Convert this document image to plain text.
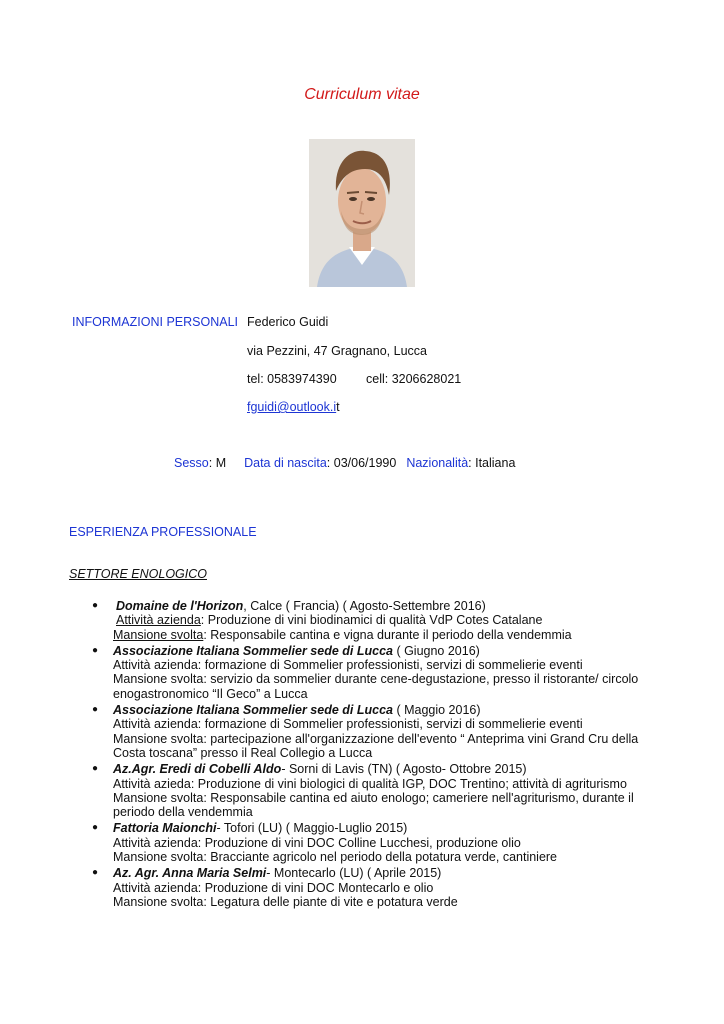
Curriculum vitae
INFORMAZIONI PERSONALI Federico Guidi
via Pezzini, 47 Gragnano, Lucca
tel: 0583974390 cell: 3206628021
fguidi@outlook.it
Sesso: M Data di nascita: 03/06/1990 Nazionalità: Italiana
ESPERIENZA PROFESSIONALE
SETTORE ENOLOGICO
● Domaine de l'Horizon, Calce ( Francia) ( Agosto-Settembre 2016)
Attività azienda: Produzione di vini biodinamici di qualità VdP Cotes Catalane
Mansione svolta: Responsabile cantina e vigna durante il periodo della vendemmia
● Associazione Italiana Sommelier sede di Lucca ( Giugno 2016)
Attività azienda: formazione di Sommelier professionisti, servizi di sommelierie eventi
Mansione svolta: servizio da sommelier durante cene-degustazione, presso il ristorante/ circolo enogastronomico “Il Geco” a Lucca
● Associazione Italiana Sommelier sede di Lucca ( Maggio 2016)
Attività azienda: formazione di Sommelier professionisti, servizi di sommelierie eventi
Mansione svolta: partecipazione all'organizzazione dell'evento “ Anteprima vini Grand Cru della Costa toscana” presso il Real Collegio a Lucca
● Az.Agr. Eredi di Cobelli Aldo- Sorni di Lavis (TN) ( Agosto- Ottobre 2015)
Attività azieda: Produzione di vini biologici di qualità IGP, DOC Trentino; attività di agriturismo
Mansione svolta: Responsabile cantina ed aiuto enologo; cameriere nell'agriturismo, durante il periodo della vendemmia
● Fattoria Maionchi- Tofori (LU) ( Maggio-Luglio 2015)
Attività azienda: Produzione di vini DOC Colline Lucchesi, produzione olio
Mansione svolta: Bracciante agricolo nel periodo della potatura verde, cantiniere
● Az. Agr. Anna Maria Selmi- Montecarlo (LU) ( Aprile 2015)
Attività azienda: Produzione di vini DOC Montecarlo e olio
Mansione svolta: Legatura delle piante di vite e potatura verde
